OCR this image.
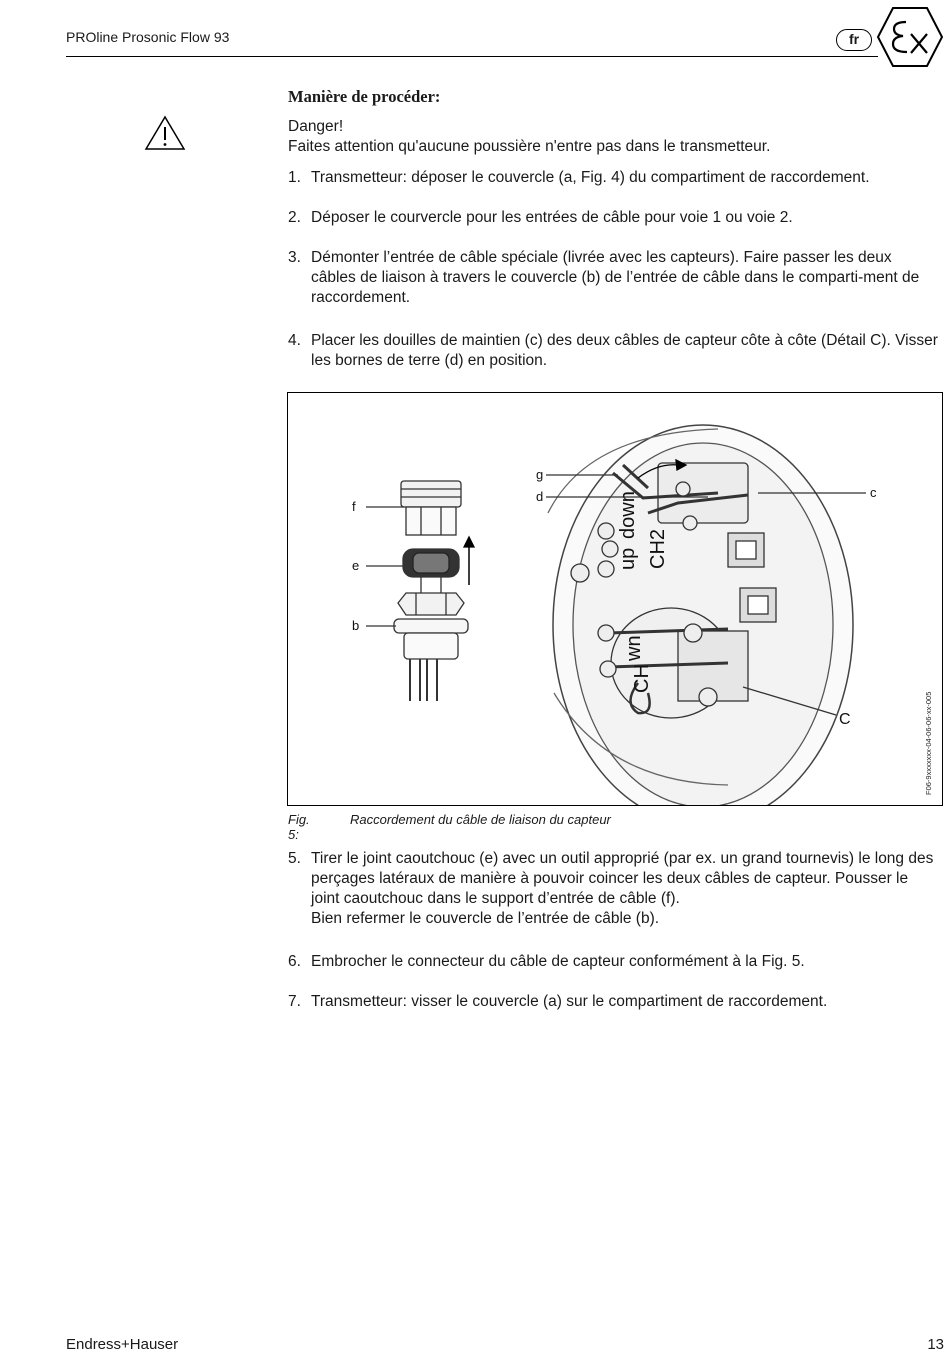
PROline Prosonic Flow 93	fr
Manière de procéder:
Danger!
Faites attention qu'aucune poussière n'entre pas dans le transmetteur.
1. Transmetteur: déposer le couvercle (a, Fig. 4) du compartiment de raccordement.
2. Déposer le courvercle pour les entrées de câble pour voie 1 ou voie 2.
3. Démonter l’entrée de câble spéciale (livrée avec les capteurs). Faire passer les deux câbles de liaison à travers le couvercle (b) de l’entrée de câble dans le comparti-ment de raccordement.
4. Placer les douilles de maintien (c) des deux câbles de capteur côte à côte (Détail C). Visser les bornes de terre (d) en position.
up
down
CH2
wn
CH
f
e
b
g
d	c
C	F06-9xxxxxxx-04-06-06-xx-005
Fig. 5:
Raccordement du câble de liaison du capteur
5. Tirer le joint caoutchouc (e) avec un outil approprié (par ex. un grand tournevis) le long des perçages latéraux de manière à pouvoir coincer les deux câbles de capteur. Pousser le joint caoutchouc dans le support d’entrée de câble (f).
Bien refermer le couvercle de l’entrée de câble (b).
6. Embrocher le connecteur du câble de capteur conformément à la Fig. 5.
7. Transmetteur: visser le couvercle (a) sur le compartiment de raccordement.
Endress+Hauser	13
